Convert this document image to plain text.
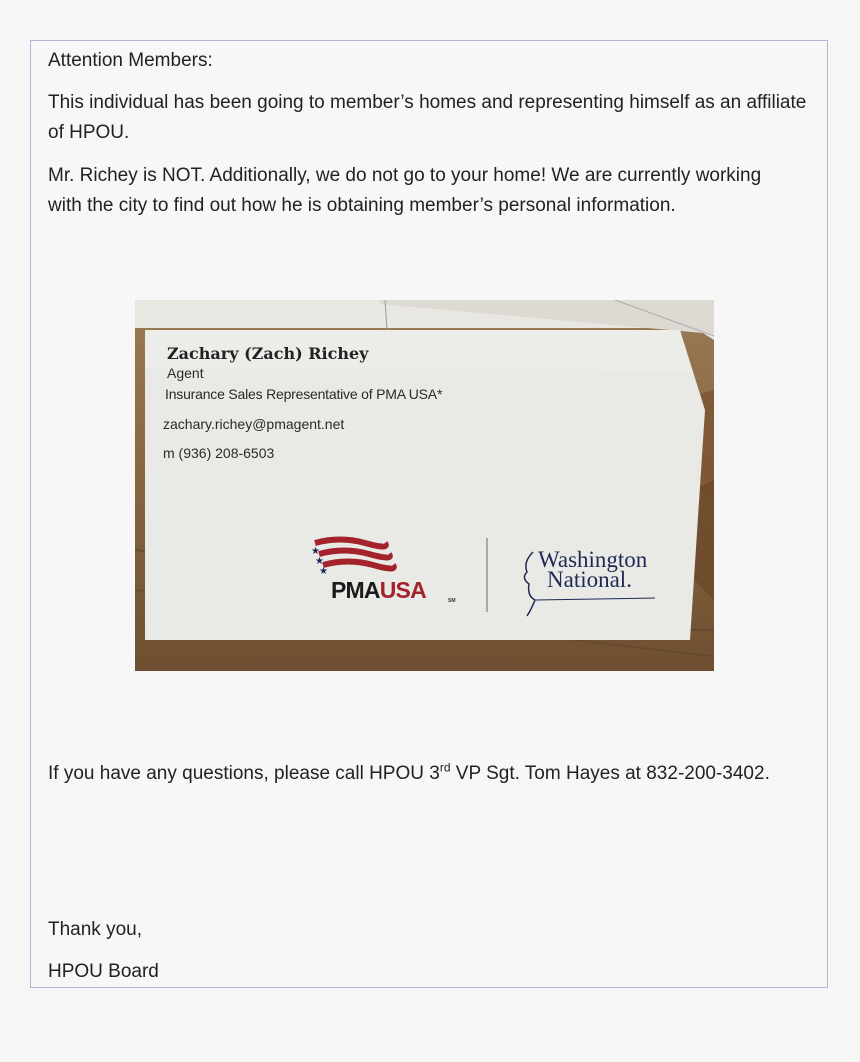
Attention Members:

This individual has been going to member’s homes and representing himself as an affiliate of HPOU.

Mr. Richey is NOT. Additionally, we do not go to your home! We are currently working with the city to find out how he is obtaining member’s personal information.

★
★
★
Zachary (Zach) Richey
Agent
Insurance Sales Representative of PMA USA*
zachary.richey@pmagent.net
m (936) 208-6503
PMAUSA	SM
Washington
National.

If you have any questions, please call HPOU 3rd VP Sgt. Tom Hayes at 832-200-3402.

Thank you,

HPOU Board
